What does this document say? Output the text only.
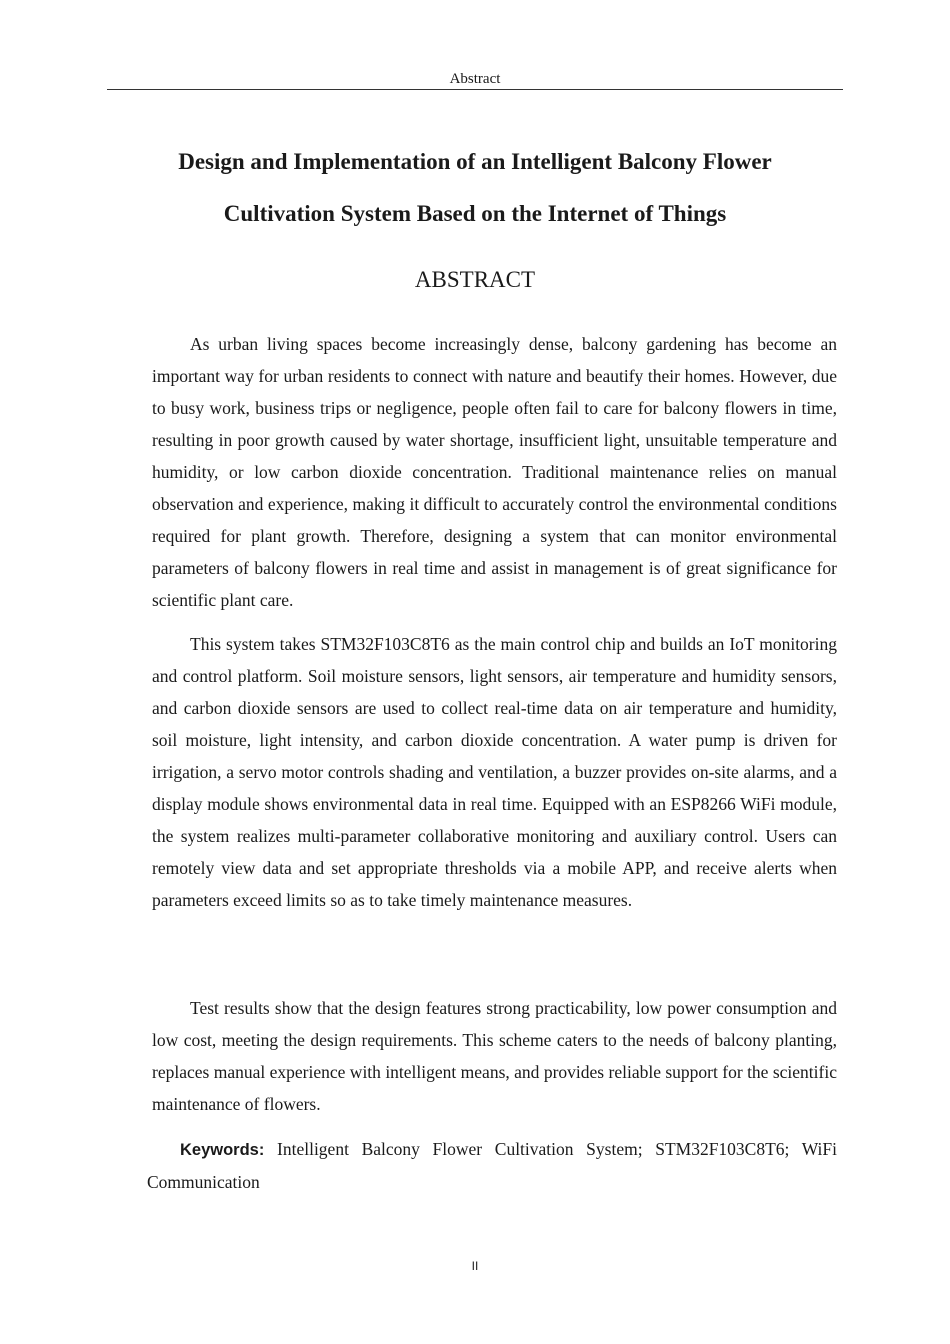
Abstract
Design and Implementation of an Intelligent Balcony Flower
Cultivation System Based on the Internet of Things
ABSTRACT

As urban living spaces become increasingly dense, balcony gardening has become an important way for urban residents to connect with nature and beautify their homes. However, due to busy work, business trips or negligence, people often fail to care for balcony flowers in time, resulting in poor growth caused by water shortage, insufficient light, unsuitable temperature and humidity, or low carbon dioxide concentration. Traditional maintenance relies on manual observation and experience, making it difficult to accurately control the environmental conditions required for plant growth. Therefore, designing a system that can monitor environmental parameters of balcony flowers in real time and assist in management is of great significance for scientific plant care.

This system takes STM32F103C8T6 as the main control chip and builds an IoT monitoring and control platform. Soil moisture sensors, light sensors, air temperature and humidity sensors, and carbon dioxide sensors are used to collect real-time data on air temperature and humidity, soil moisture, light intensity, and carbon dioxide concentration. A water pump is driven for irrigation, a servo motor controls shading and ventilation, a buzzer provides on-site alarms, and a display module shows environmental data in real time. Equipped with an ESP8266 WiFi module, the system realizes multi-parameter collaborative monitoring and auxiliary control. Users can remotely view data and set appropriate thresholds via a mobile APP, and receive alerts when parameters exceed limits so as to take timely maintenance measures.

Test results show that the design features strong practicability, low power consumption and low cost, meeting the design requirements. This scheme caters to the needs of balcony planting, replaces manual experience with intelligent means, and provides reliable support for the scientific maintenance of flowers.

Keywords: Intelligent Balcony Flower Cultivation System; STM32F103C8T6; WiFi Communication

II
